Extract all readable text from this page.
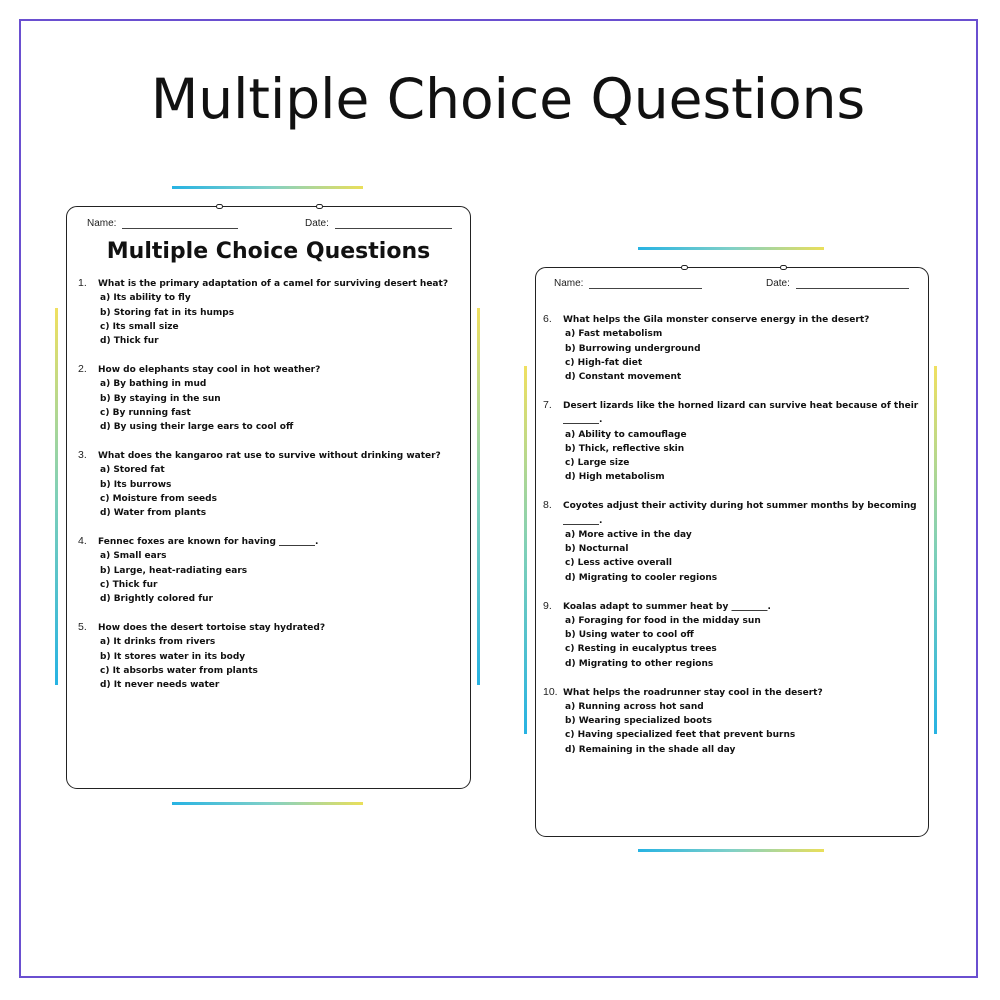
Multiple Choice Questions
Name:	Date:
Multiple Choice Questions
1. What is the primary adaptation of a camel for surviving desert heat?
a) Its ability to fly
b) Storing fat in its humps
c) Its small size
d) Thick fur
2. How do elephants stay cool in hot weather?
a) By bathing in mud
b) By staying in the sun
c) By running fast
d) By using their large ears to cool off
3. What does the kangaroo rat use to survive without drinking water?
a) Stored fat
b) Its burrows
c) Moisture from seeds
d) Water from plants
4. Fennec foxes are known for having ________.
a) Small ears
b) Large, heat-radiating ears
c) Thick fur
d) Brightly colored fur
5. How does the desert tortoise stay hydrated?
a) It drinks from rivers
b) It stores water in its body
c) It absorbs water from plants
d) It never needs water
Name:	Date:
6. What helps the Gila monster conserve energy in the desert?
a) Fast metabolism
b) Burrowing underground
c) High-fat diet
d) Constant movement
7. Desert lizards like the horned lizard can survive heat because of their ________.
a) Ability to camouflage
b) Thick, reflective skin
c) Large size
d) High metabolism
8. Coyotes adjust their activity during hot summer months by becoming ________.
a) More active in the day
b) Nocturnal
c) Less active overall
d) Migrating to cooler regions
9. Koalas adapt to summer heat by ________.
a) Foraging for food in the midday sun
b) Using water to cool off
c) Resting in eucalyptus trees
d) Migrating to other regions
10. What helps the roadrunner stay cool in the desert?
a) Running across hot sand
b) Wearing specialized boots
c) Having specialized feet that prevent burns
d) Remaining in the shade all day
